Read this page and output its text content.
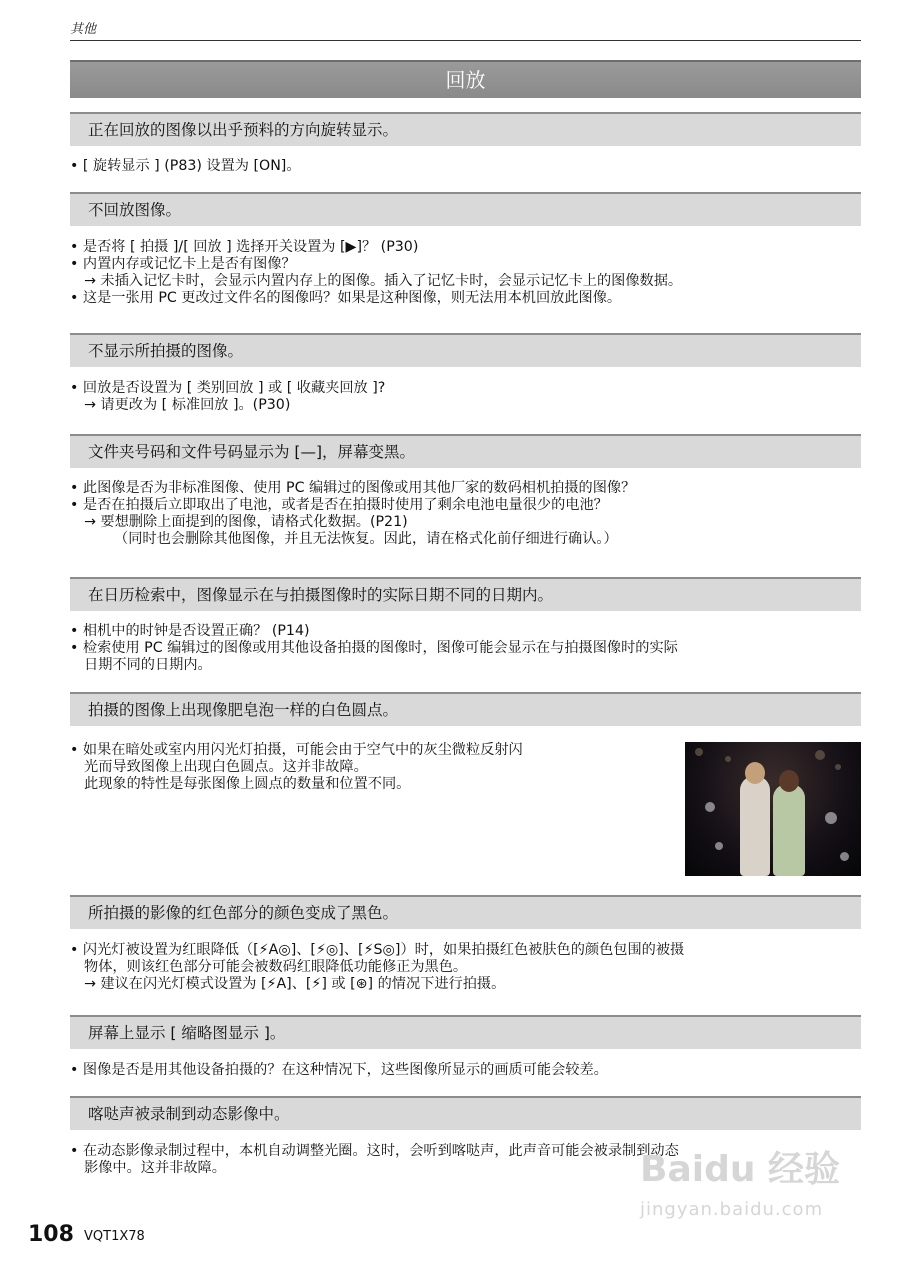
其他
回放
正在回放的图像以出乎预料的方向旋转显示。

• [ 旋转显示 ] (P83) 设置为 [ON]。

不回放图像。

• 是否将 [ 拍摄 ]/[ 回放 ] 选择开关设置为 [▶]？ (P30)

• 内置内存或记忆卡上是否有图像？

→ 未插入记忆卡时，会显示内置内存上的图像。插入了记忆卡时，会显示记忆卡上的图像数据。

• 这是一张用 PC 更改过文件名的图像吗？如果是这种图像，则无法用本机回放此图像。

不显示所拍摄的图像。

• 回放是否设置为 [ 类别回放 ] 或 [ 收藏夹回放 ]?

→ 请更改为 [ 标准回放 ]。(P30)

文件夹号码和文件号码显示为 [—]，屏幕变黑。

• 此图像是否为非标准图像、使用 PC 编辑过的图像或用其他厂家的数码相机拍摄的图像？

• 是否在拍摄后立即取出了电池，或者是否在拍摄时使用了剩余电池电量很少的电池？

→ 要想删除上面提到的图像，请格式化数据。(P21)

（同时也会删除其他图像，并且无法恢复。因此，请在格式化前仔细进行确认。）

在日历检索中，图像显示在与拍摄图像时的实际日期不同的日期内。

• 相机中的时钟是否设置正确？ (P14)

• 检索使用 PC 编辑过的图像或用其他设备拍摄的图像时，图像可能会显示在与拍摄图像时的实际

日期不同的日期内。

拍摄的图像上出现像肥皂泡一样的白色圆点。

• 如果在暗处或室内用闪光灯拍摄，可能会由于空气中的灰尘微粒反射闪

光而导致图像上出现白色圆点。这并非故障。

此现象的特性是每张图像上圆点的数量和位置不同。

所拍摄的影像的红色部分的颜色变成了黑色。

• 闪光灯被设置为红眼降低（[⚡A◎]、[⚡◎]、[⚡S◎]）时，如果拍摄红色被肤色的颜色包围的被摄

物体，则该红色部分可能会被数码红眼降低功能修正为黑色。

→ 建议在闪光灯模式设置为 [⚡A]、[⚡] 或 [⊛] 的情况下进行拍摄。

屏幕上显示 [ 缩略图显示 ]。

• 图像是否是用其他设备拍摄的？在这种情况下，这些图像所显示的画质可能会较差。

喀哒声被录制到动态影像中。

• 在动态影像录制过程中，本机自动调整光圈。这时，会听到喀哒声，此声音可能会被录制到动态

影像中。这并非故障。	Baidu 经验
jingyan.baidu.com
108 VQT1X78
